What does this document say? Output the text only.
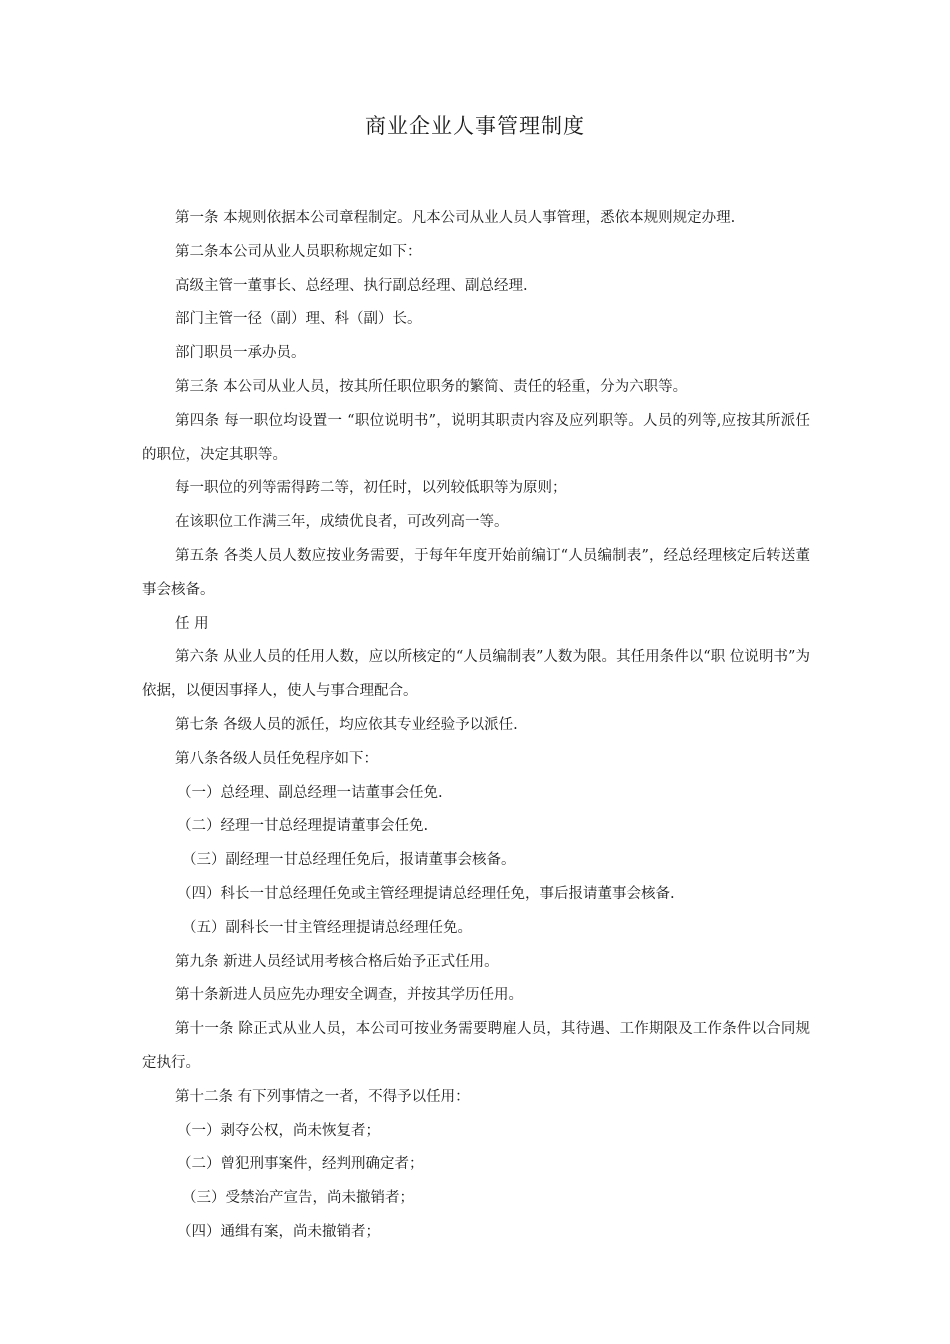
商业企业人事管理制度

第一条 本规则依据本公司章程制定。凡本公司从业人员人事管理，悉依本规则规定办理.

第二条本公司从业人员职称规定如下：

高级主管一董事长、总经理、执行副总经理、副总经理.

部门主管一径（副）理、科（副）长。

部门职员一承办员。

第三条 本公司从业人员，按其所任职位职务的繁简、责任的轻重，分为六职等。

第四条 每一职位均设置一 “职位说明书”，说明其职责内容及应列职等。人员的列等,应按其所派任的职位，决定其职等。

每一职位的列等需得跨二等，初任时，以列较低职等为原则；

在该职位工作满三年，成绩优良者，可改列高一等。

第五条 各类人员人数应按业务需要，于每年年度开始前编订“人员编制表”，经总经理核定后转送董事会核备。

任 用

第六条 从业人员的任用人数，应以所核定的“人员编制表”人数为限。其任用条件以“职 位说明书”为依据，以便因事择人，使人与事合理配合。

第七条 各级人员的派任，均应依其专业经验予以派任.

第八条各级人员任免程序如下：

（一）总经理、副总经理一诘董事会任免.

（二）经理一甘总经理提请董事会任免.

（三）副经理一甘总经理任免后，报请董事会核备。

（四）科长一甘总经理任免或主管经理提请总经理任免，事后报请董事会核备.

（五）副科长一甘主管经理提请总经理任免。

第九条 新进人员经试用考核合格后始予正式任用。

第十条新进人员应先办理安全调查，并按其学历任用。

第十一条 除正式从业人员，本公司可按业务需要聘雇人员，其待遇、工作期限及工作条件以合同规定执行。

第十二条 有下列事情之一者，不得予以任用：

（一）剥夺公权，尚未恢复者；

（二）曾犯刑事案件，经判刑确定者；

（三）受禁治产宣告，尚未撤销者；

（四）通缉有案，尚未撤销者；
